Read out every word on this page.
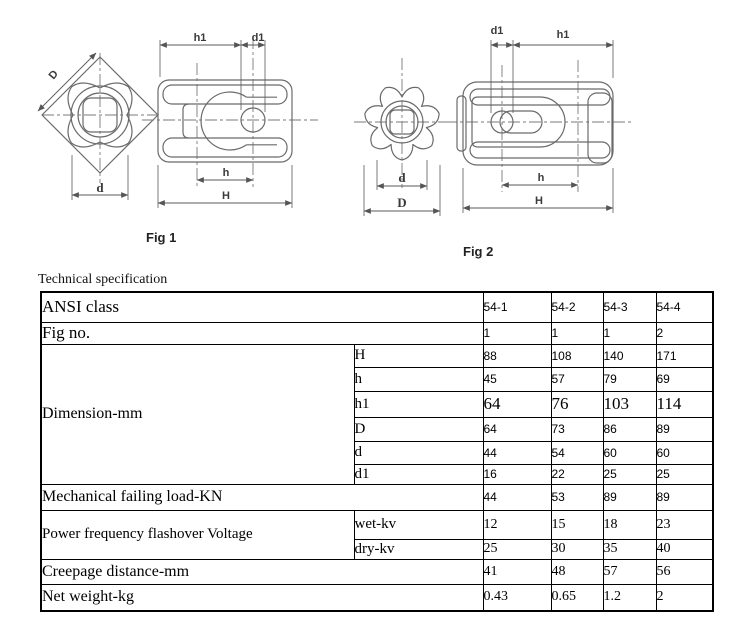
D
d
h1	d1
h
H
Fig 1
d
D
d1	h1
h
H
Fig 2
Technical specification
ANSI class		54-1	54-2	54-3	54-4
Fig no.		1	1	1	2
Dimension-mm	H	88	108	140	171
	h	45	57	79	69
	h1	64	76	103	114
	D	64	73	86	89
	d	44	54	60	60
	d1	16	22	25	25
Mechanical failing load-KN		44	53	89	89
Power frequency flashover Voltage	wet-kv	12	15	18	23
	dry-kv	25	30	35	40
Creepage distance-mm		41	48	57	56
Net weight-kg		0.43	0.65	1.2	2
